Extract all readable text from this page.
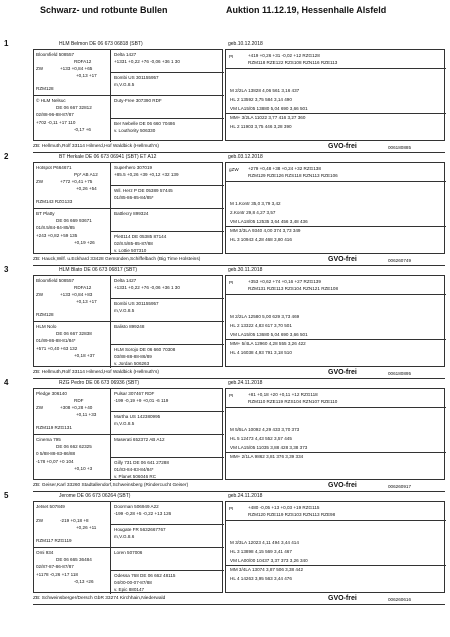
Schwarz- und rotbunte Bullen	Auktion 11.12.19, Hessenhalle Alsfeld
1	HLM Belmon DE 06 673 06818 (SBT)	geb.10.12.2018
Bloomfield 508557
RDFA12
ZW	+133 +0,84 +65
+0,13 +17
RZM128
© HLM Nelsuc
DE 06 667 32812
02/88-96-88-87/87
+702 -0,11 +17 110
-0,17 +6
Delta 1427
+1331 +0,22 +76 -0,06 +36 1 30
Bombi US 301155957
m,V.G.8.5
Duty-Free 307390 RDF
Ber Nebelle DE 06 660 70486
v. Louthority 506330
PI	+419 +0,26 +31 -0,02 +12 RZG128
RZM118 RZE122 RZS108 RZN116 RZE113
M 2/2LA 13828 4,06 561 3,16 437
HL 2 13592 3,75 584 3,14 490
VM LA15/05 13880 5,04 690 3,66 501
MM+ 3/2LA 11022 3,77 416 3,27 360
HL 2 11903 3,75 446 3,28 390
ZB: Hellmuth,Rolf 33114 Hilmerd,Hof Waldbick (Hellmuth's)	GVO-frei	006180885
2	BT Herkale DE 06 673 06941 (SBT) ET A12	geb.03.12.2018
Hotspot P664671
Pp* AB A12
ZW	+772 +0,41 +75
+0,26 +54
RZM143 RZG133
BT Platty
DE 06 669 93671
01/8.5/84-84-85/85
+243 +0,82 +59 135
+0,19 +26
Superhero 307019
+85.5 +0,26 +39 +0,12 +32 139
Wil. Herz P DE 05389 57445
01/85-86-85-84/85*
Battlecry 899324
Plett114 DE 05385 87144
02/8.5/85-85-87/88
v. Lottie 507310
gZW +279 +0,48 +38 +0,24 +32 RZG138
RZM129 RZE126 RZS118 RZN113 RZE106
M 1.Kontr 35,0 3,79 3,42
2.Kontr 29,8 4,27 3,57
VM LA18/05 12535 3,64 456 3,48 436
MM 3/3LA 9340 4,00 374 3,73 349
HL 3 10943 4,28 468 3,80 416
ZB: Hauck,Wilf. u.Eckhard 33428 Gemünden,Schiffelbach (Big Time Holsteins)	GVO-frei	006260749
3	HLM Blato DE 06 673 06817 (SBT)	geb.30.11.2018
Bloomfield 508557
RDFA12
ZW	+133 +0,84 +83
+0,13 +17
RZM128
HLM Nolo
DE 06 667 32838
01/89-86-88-81/84*
+571 +0,40 +63 132
+0,18 +37
Delta 1427
+1331 +0,22 +76 -0,06 +36 1 30
Bombi US 301155957
m,V.G.8.5
Balisto 899248
HLM Sorojo DE 06 660 70308
03/88-88-88-86/89
v. Jordan 506263
PI	+353 +0,62 +74 +0,16 +27 RZG139
RZM131 RZE113 RZS104 RZN121 RZE108
M 2/2LA 12580 5,00 629 3,73 469
HL 2 13322 4,83 617 3,70 501
VM LA15/05 13680 5,04 690 3,66 501
MM+ 5/4LA 12960 4,28 555 3,26 422
HL 4 16038 4,93 791 3,18 510
ZB: Hellmuth,Rolf 33114 Hilmerd,Hof Waldbick (Hellmuth's)	GVO-frei	006180895
4	RZG Pedro DE 06 673 06936 (SBT)	geb.24.11.2018
Pledge 306140
RDF
ZW	+308 +0,28 +40
+0,11 +33
RZM119 RZG131
Cinema 795
DE 06 662 62325
0 5/88-88-83-86/88
-178 +0,07 +0 104
+0,10 +3
Pulsar 307467 RDF
-199 -0,19 +9 +0,01 -6 119
Martha US 142380995
m,V.G.8.5
Maserati 652372 AB A12
Gilly 731 DE 06 641 27288
01/83-84-83-84/84*
v. Planet 506046 RC
PI	+81 +0,18 +20 +0,11 +12 RZG118
RZM110 RZE119 RZS104 RZN107 RZE110
M 5/5LA 10092 4,29 433 3,70 373
HL 5 12473 4,43 552 3,57 445
VM LA15/05 11035 3,88 428 3,38 373
MM+ 2/1LA 9862 3,81 376 3,39 334
ZB: Geiser,Karl 33260 Stadtallendorf,Schweinsberg (Rindercucht Geiser)	GVO-frei	006260917
5	Jerome DE 06 673 06264 (SBT)	geb.24.11.2018
Jetset 507849
ZW	-219 +0,18 +8
+0,26 +11
RZM117 RZG119
Omi 934
DE 06 665 36484
02/87-87-86-87/87
+1178 -0,26 +17 118
-0,13 +26
Doorman 506949 A22
-199 -0,28 +5 -0,22 +13 126
Hougate FR 5632667767
m,V.G.8.6
Loren 507006
Odessa 768 DE 06 662 48115
04/00-00-07-87/88
v. Epic 880147
PI	+480 -0,05 +13 +0,03 +19 RZG115
RZM120 RZE119 RZS103 RZN113 RZE98
M 3/3LA 12023 4,11 494 3,44 414
HL 3 13898 4,15 569 3,41 467
VM LA00/00 10437 3,37 373 3,26 340
MM 3/4LA 13074 3,87 506 3,38 442
HL 4 14263 3,95 563 3,44 476
ZB: Schweinsberger/Dersch GbR 33274 Kirchhain,Niederwald	GVO-frei	006260616
